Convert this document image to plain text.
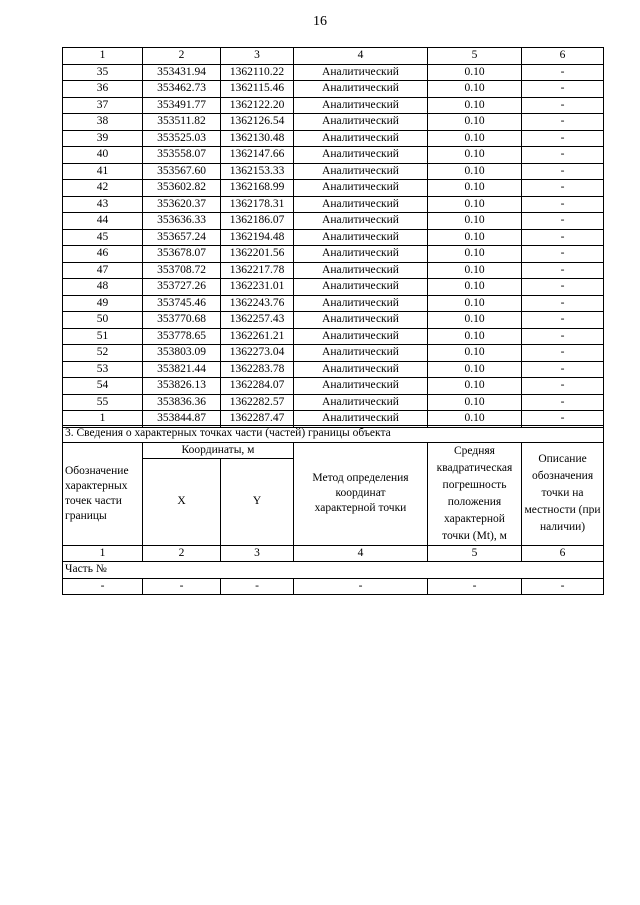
16
1	2	3	4	5	6
35	353431.94	1362110.22	Аналитический	0.10	-
36	353462.73	1362115.46	Аналитический	0.10	-
37	353491.77	1362122.20	Аналитический	0.10	-
38	353511.82	1362126.54	Аналитический	0.10	-
39	353525.03	1362130.48	Аналитический	0.10	-
40	353558.07	1362147.66	Аналитический	0.10	-
41	353567.60	1362153.33	Аналитический	0.10	-
42	353602.82	1362168.99	Аналитический	0.10	-
43	353620.37	1362178.31	Аналитический	0.10	-
44	353636.33	1362186.07	Аналитический	0.10	-
45	353657.24	1362194.48	Аналитический	0.10	-
46	353678.07	1362201.56	Аналитический	0.10	-
47	353708.72	1362217.78	Аналитический	0.10	-
48	353727.26	1362231.01	Аналитический	0.10	-
49	353745.46	1362243.76	Аналитический	0.10	-
50	353770.68	1362257.43	Аналитический	0.10	-
51	353778.65	1362261.21	Аналитический	0.10	-
52	353803.09	1362273.04	Аналитический	0.10	-
53	353821.44	1362283.78	Аналитический	0.10	-
54	353826.13	1362284.07	Аналитический	0.10	-
55	353836.36	1362282.57	Аналитический	0.10	-
1	353844.87	1362287.47	Аналитический	0.10	-
3. Сведения о характерных точках части (частей) границы объекта					
Обозначение характерных точек части границы	Координаты, м		Метод определения координат характерной точки	Средняя квадратическая погрешность положения характерной точки (Mt), м	Описание обозначения точки на местности (при наличии)
	X	Y			
1	2	3	4	5	6
Часть №					
-	-	-	-	-	-
